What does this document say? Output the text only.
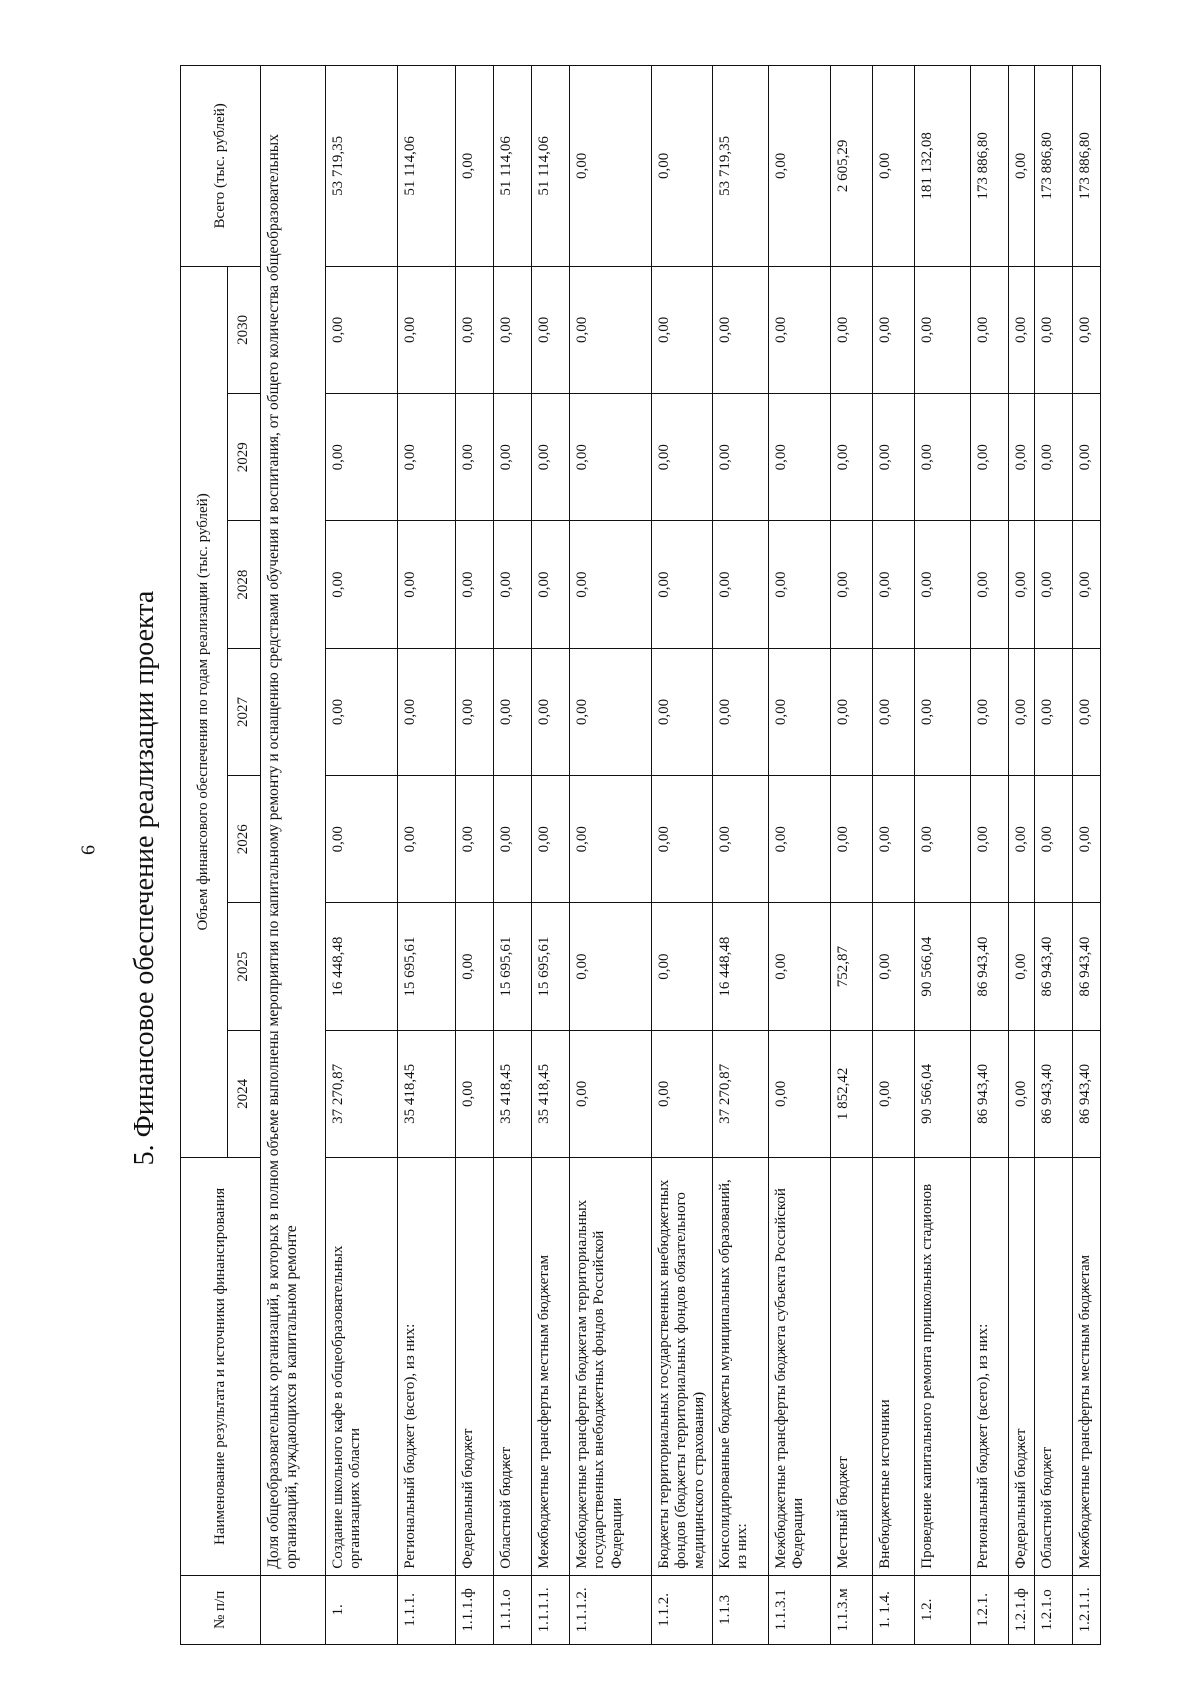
6 5. Финансовое обеспечение реализации проекта
№ п/п	Наименование результата и источники финансирования	Объем финансового обеспечения по годам реализации (тыс. рублей)							Всего (тыс. рублей)
		2024	2025	2026	2027	2028	2029	2030	
	Доля общеобразовательных организаций, в которых в полном объеме выполнены мероприятия по капитальному ремонту и оснащению средствами обучения и воспитания, от общего количества общеобразовательных организаций, нуждающихся в капитальном ремонте								
1.	Создание школьного кафе в общеобразовательных организациях области	37 270,87	16 448,48	0,00	0,00	0,00	0,00	0,00	53 719,35
1.1.1.	Региональный бюджет (всего), из них:	35 418,45	15 695,61	0,00	0,00	0,00	0,00	0,00	51 114,06
1.1.1.ф	Федеральный бюджет	0,00	0,00	0,00	0,00	0,00	0,00	0,00	0,00
1.1.1.о	Областной бюджет	35 418,45	15 695,61	0,00	0,00	0,00	0,00	0,00	51 114,06
1.1.1.1.	Межбюджетные трансферты местным бюджетам	35 418,45	15 695,61	0,00	0,00	0,00	0,00	0,00	51 114,06
1.1.1.2.	Межбюджетные трансферты бюджетам территориальных государственных внебюджетных фондов Российской Федерации	0,00	0,00	0,00	0,00	0,00	0,00	0,00	0,00
1.1.2.	Бюджеты территориальных государственных внебюджетных фондов (бюджеты территориальных фондов обязательного медицинского страхования)	0,00	0,00	0,00	0,00	0,00	0,00	0,00	0,00
1.1.3	Консолидированные бюджеты муниципальных образований, из них:	37 270,87	16 448,48	0,00	0,00	0,00	0,00	0,00	53 719,35
1.1.3.1	Межбюджетные трансферты бюджета субъекта Российской Федерации	0,00	0,00	0,00	0,00	0,00	0,00	0,00	0,00
1.1.3.м	Местный бюджет	1 852,42	752,87	0,00	0,00	0,00	0,00	0,00	2 605,29
1. 1.4.	Внебюджетные источники	0,00	0,00	0,00	0,00	0,00	0,00	0,00	0,00
1.2.	Проведение капитального ремонта пришкольных стадионов	90 566,04	90 566,04	0,00	0,00	0,00	0,00	0,00	181 132,08
1.2.1.	Региональный бюджет (всего), из них:	86 943,40	86 943,40	0,00	0,00	0,00	0,00	0,00	173 886,80
1.2.1.ф	Федеральный бюджет	0,00	0,00	0,00	0,00	0,00	0,00	0,00	0,00
1.2.1.о	Областной бюджет	86 943,40	86 943,40	0,00	0,00	0,00	0,00	0,00	173 886,80
1.2.1.1.	Межбюджетные трансферты местным бюджетам	86 943,40	86 943,40	0,00	0,00	0,00	0,00	0,00	173 886,80
